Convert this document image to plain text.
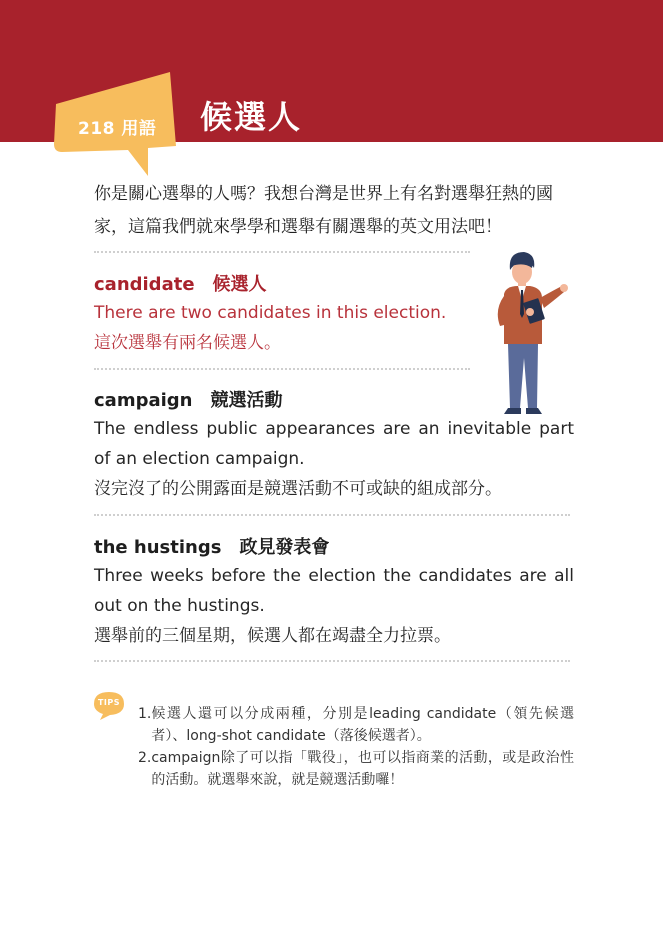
218 用語	候選人

你是關心選舉的人嗎？我想台灣是世界上有名對選舉狂熱的國家，這篇我們就來學學和選舉有關選舉的英文用法吧！

candidate 候選人

There are two candidates in this election.

這次選舉有兩名候選人。

campaign 競選活動

The endless public appearances are an inevitable part of an election campaign.

沒完沒了的公開露面是競選活動不可或缺的組成部分。

the hustings 政見發表會

Three weeks before the election the candidates are all out on the hustings.

選舉前的三個星期，候選人都在竭盡全力拉票。

TIPS
1. 候選人還可以分成兩種，分別是leading candidate（領先候選者）、long-shot candidate（落後候選者）。
2. campaign除了可以指「戰役」，也可以指商業的活動，或是政治性的活動。就選舉來說，就是競選活動囉！
